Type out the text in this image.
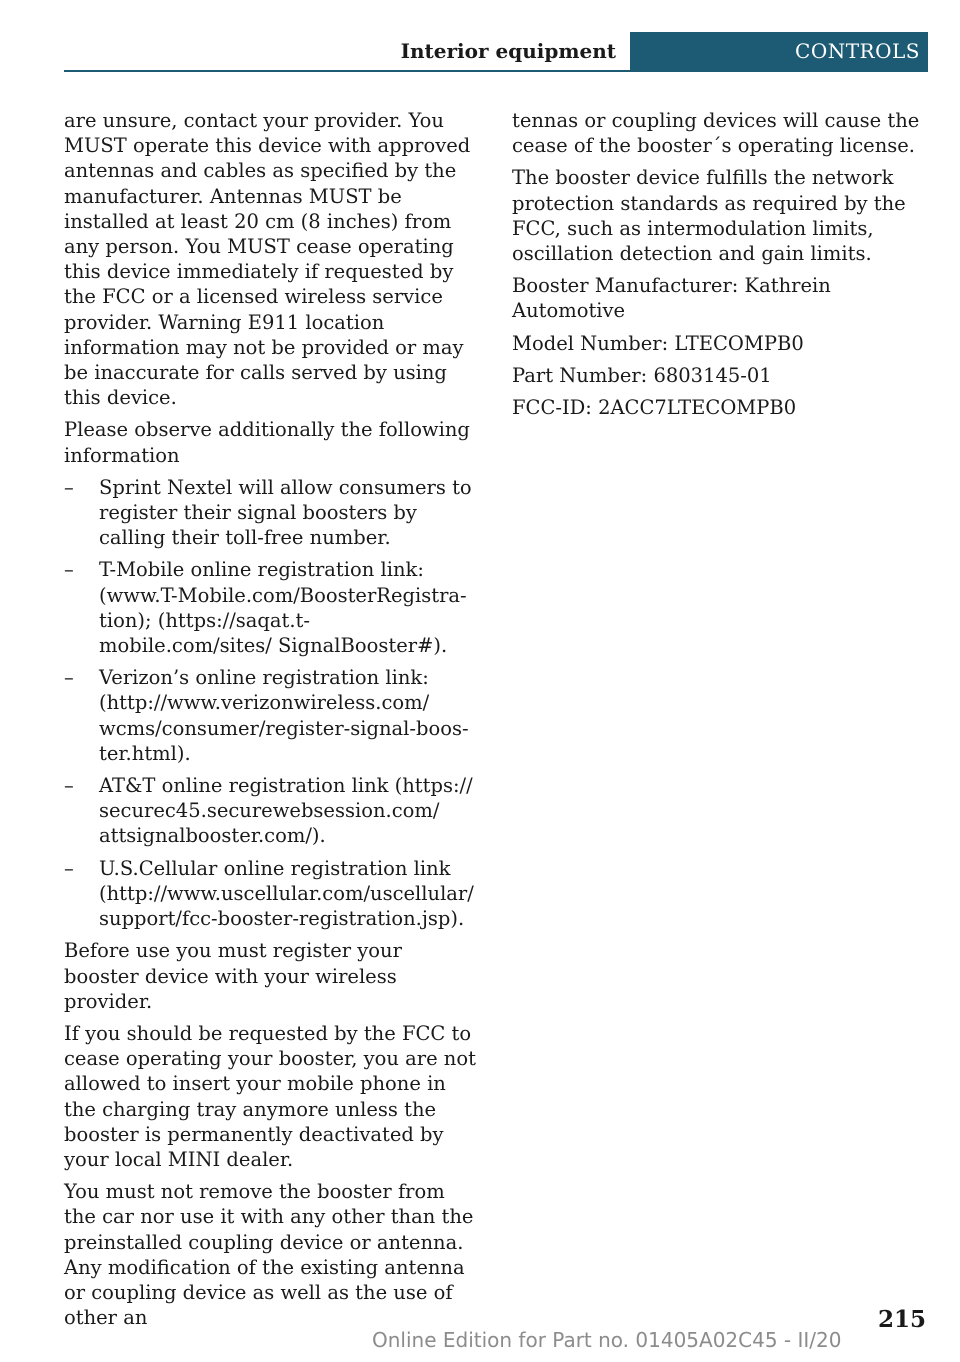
Interior equipment	CONTROLS

are unsure, contact your provider. You MUST operate this device with approved antennas and cables as specified by the manufacturer. Antennas MUST be installed at least 20 cm (8 inches) from any person. You MUST cease operating this device immediately if requested by the FCC or a licensed wireless service provider. Warning E911 location information may not be provided or may be inaccurate for calls served by using this device.

Please observe additionally the following information

– Sprint Nextel will allow consumers to register their signal boosters by calling their toll-free number.
– T-Mobile online registration link: (www.T-Mobile.com/BoosterRegistration); (https://saqat.t-mobile.com/sites/ SignalBooster#).
– Verizon’s online registration link: (http://www.verizonwireless.com/ wcms/consumer/register-signal-booster.html).
– AT&T online registration link (https:// securec45.securewebsession.com/ attsignalbooster.com/).
– U.S.Cellular online registration link (http://www.uscellular.com/uscellular/ support/fcc-booster-registration.jsp).

Before use you must register your booster device with your wireless provider.

If you should be requested by the FCC to cease operating your booster, you are not allowed to insert your mobile phone in the charging tray anymore unless the booster is permanently deactivated by your local MINI dealer.

You must not remove the booster from the car nor use it with any other than the preinstalled coupling device or antenna. Any modification of the existing antenna or coupling device as well as the use of other an

tennas or coupling devices will cause the cease of the booster´s operating license.

The booster device fulfills the network protection standards as required by the FCC, such as intermodulation limits, oscillation detection and gain limits.

Booster Manufacturer: Kathrein Automotive

Model Number: LTECOMPB0

Part Number: 6803145-01

FCC-ID: 2ACC7LTECOMPB0

215
Online Edition for Part no. 01405A02C45 - II/20
